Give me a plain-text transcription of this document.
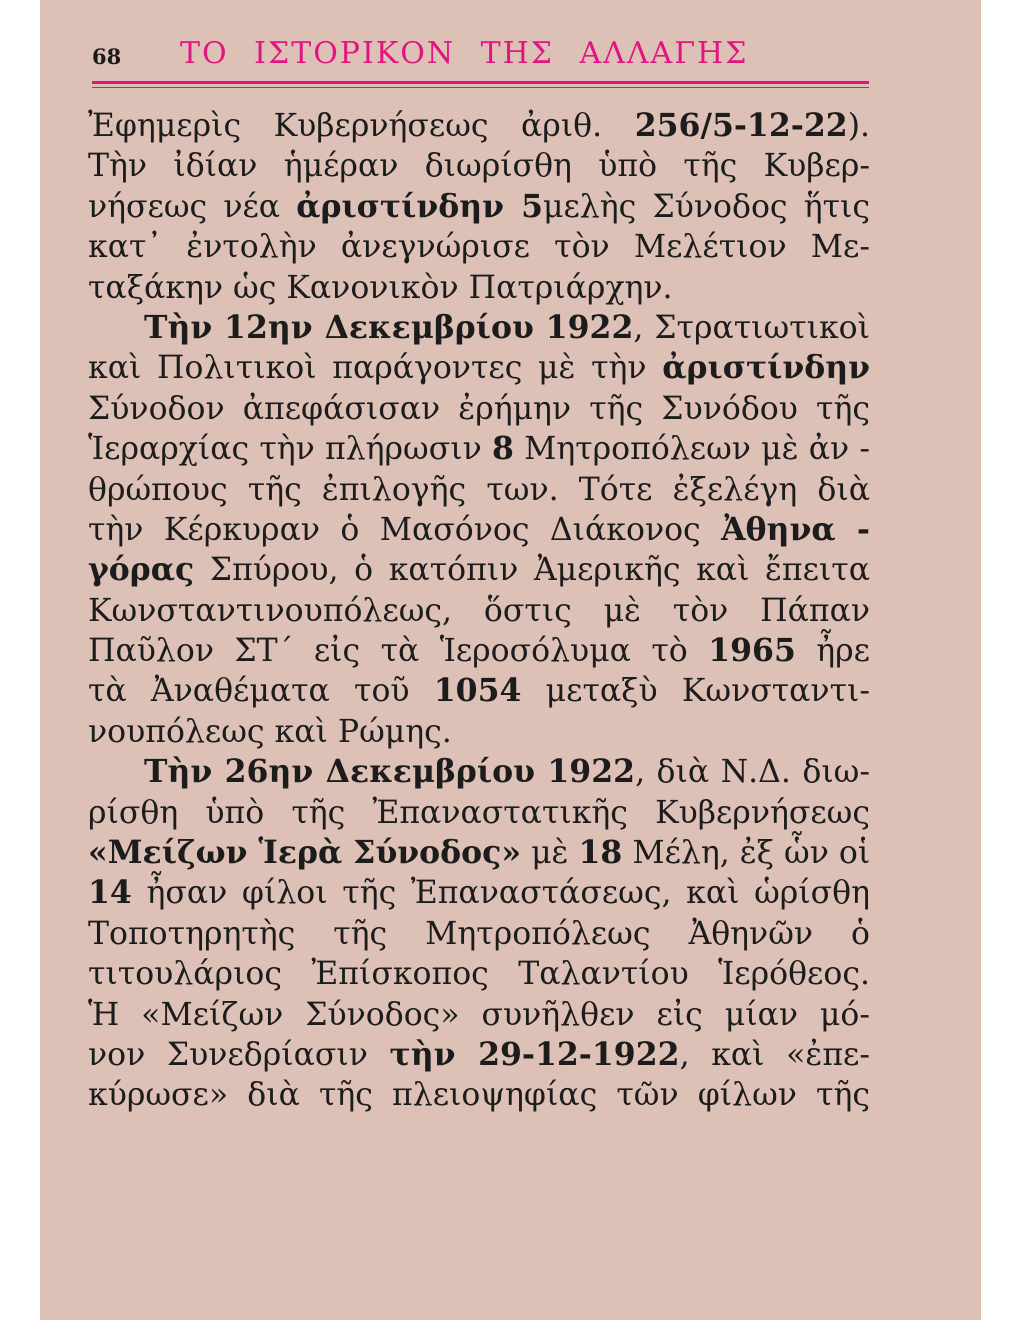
68 ΤΟ ΙΣΤΟΡΙΚΟΝ ΤΗΣ ΑΛΛΑΓΗΣ
Ἐφημερὶς Κυβερνήσεως ἀριθ. 256/5-12-22).
Τὴν ἰδίαν ἡμέραν διωρίσθη ὑπὸ τῆς Κυβερ-
νήσεως νέα ἀριστίνδην 5μελὴς Σύνοδος ἥτις
κατ᾽ ἐντολὴν ἀνεγνώρισε τὸν Μελέτιον Με-
ταξάκην ὡς Κανονικὸν Πατριάρχην.
Τὴν 12ην Δεκεμβρίου 1922, Στρατιωτικοὶ
καὶ Πολιτικοὶ παράγοντες μὲ τὴν ἀριστίνδην
Σύνοδον ἀπεφάσισαν ἐρήμην τῆς Συνόδου τῆς
Ἱεραρχίας τὴν πλήρωσιν 8 Μητροπόλεων μὲ ἀν -
θρώπους τῆς ἐπιλογῆς των. Τότε ἐξελέγη διὰ
τὴν Κέρκυραν ὁ Μασόνος Διάκονος Ἀθηνα -
γόρας Σπύρου, ὁ κατόπιν Ἀμερικῆς καὶ ἔπειτα
Κωνσταντινουπόλεως, ὅστις μὲ τὸν Πάπαν
Παῦλον ΣΤ΄ εἰς τὰ Ἱεροσόλυμα τὸ 1965 ἦρε
τὰ Ἀναθέματα τοῦ 1054 μεταξὺ Κωνσταντι-
νουπόλεως καὶ Ρώμης.
Τὴν 26ην Δεκεμβρίου 1922, διὰ Ν.Δ. διω-
ρίσθη ὑπὸ τῆς Ἐπαναστατικῆς Κυβερνήσεως
«Μείζων Ἱερὰ Σύνοδος» μὲ 18 Μέλη, ἐξ ὧν οἱ
14 ἦσαν φίλοι τῆς Ἐπαναστάσεως, καὶ ὡρίσθη
Τοποτηρητὴς τῆς Μητροπόλεως Ἀθηνῶν ὁ
τιτουλάριος Ἐπίσκοπος Ταλαντίου Ἱερόθεος.
Ἡ «Μείζων Σύνοδος» συνῆλθεν εἰς μίαν μό-
νον Συνεδρίασιν τὴν 29-12-1922, καὶ «ἐπε-
κύρωσε» διὰ τῆς πλειοψηφίας τῶν φίλων τῆς
